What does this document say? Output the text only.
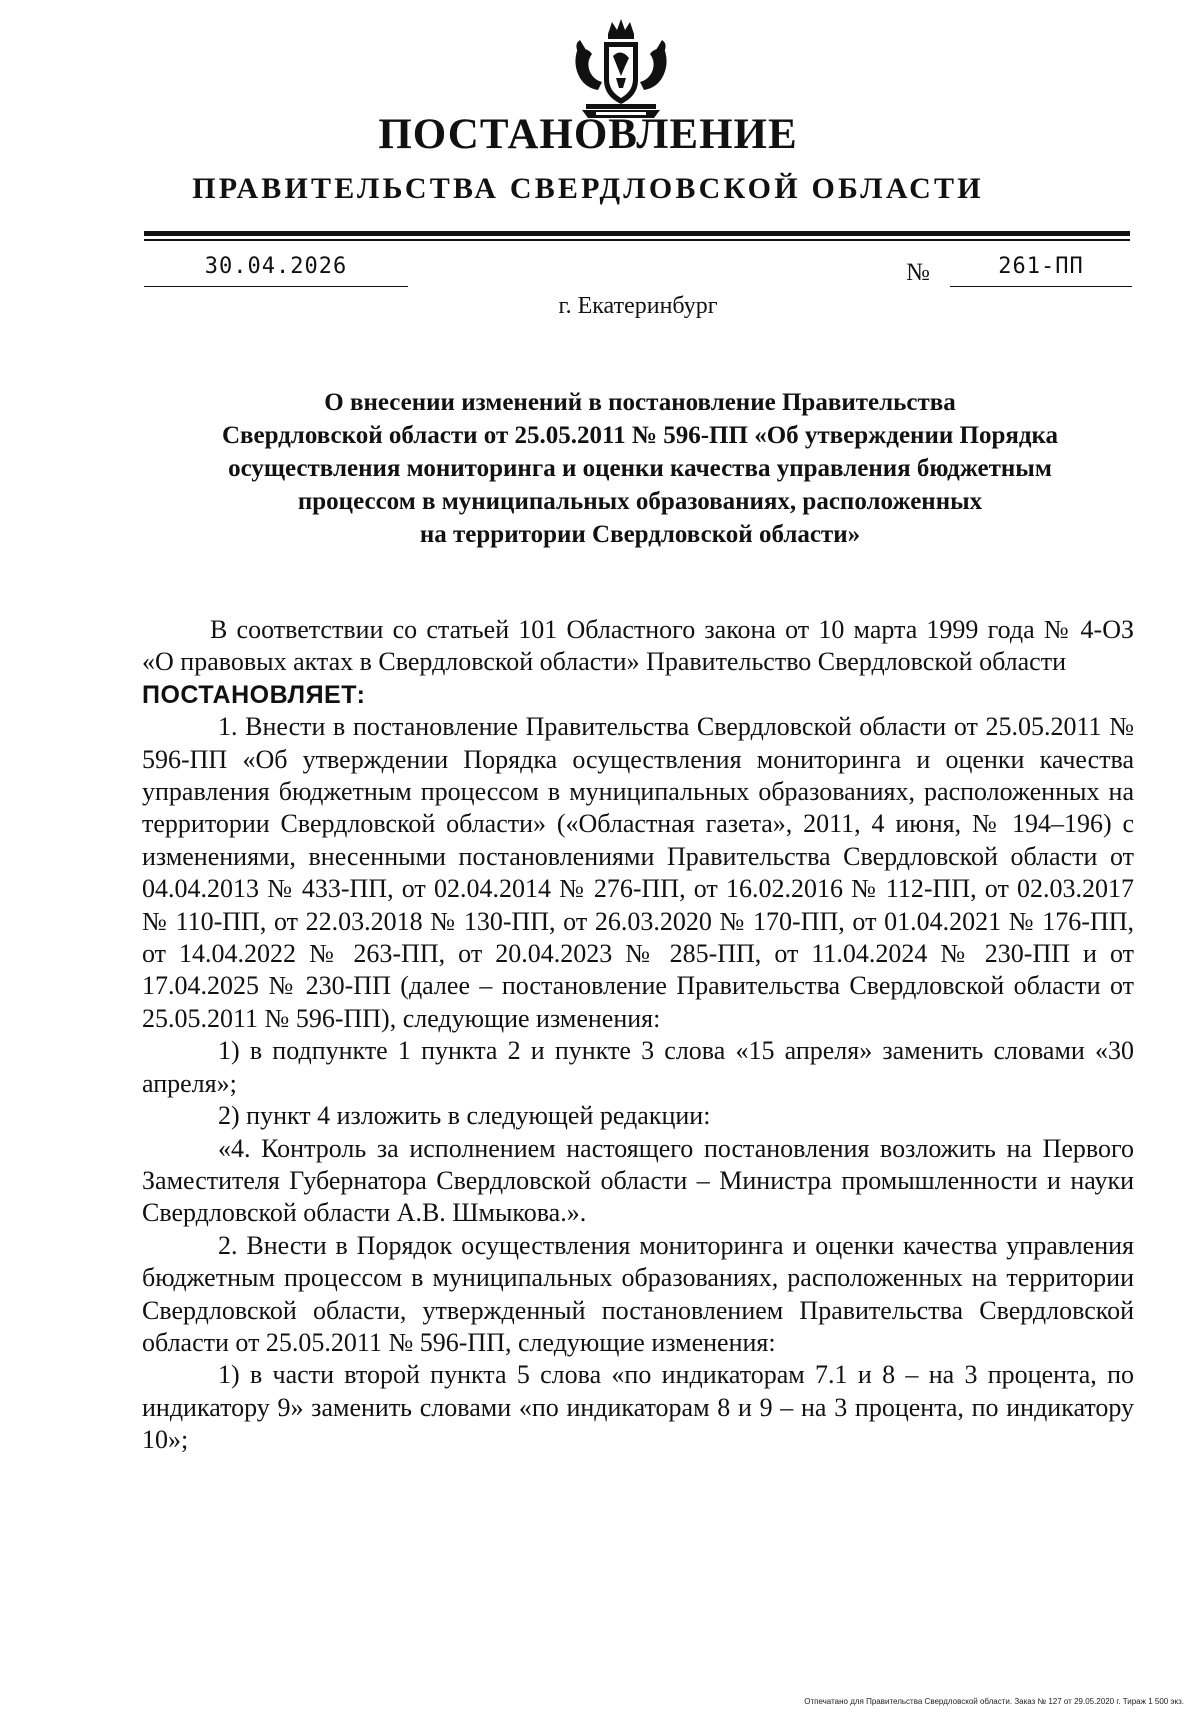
ПОСТАНОВЛЕНИЕ
ПРАВИТЕЛЬСТВА СВЕРДЛОВСКОЙ ОБЛАСТИ
30.04.2026	№	261-ПП
г. Екатеринбург
О внесении изменений в постановление Правительства
Свердловской области от 25.05.2011 № 596-ПП «Об утверждении Порядка
осуществления мониторинга и оценки качества управления бюджетным
процессом в муниципальных образованиях, расположенных
на территории Свердловской области»

В соответствии со статьей 101 Областного закона от 10 марта 1999 года № 4-ОЗ «О правовых актах в Свердловской области» Правительство Свердловской области

ПОСТАНОВЛЯЕТ:

1. Внести в постановление Правительства Свердловской области от 25.05.2011 № 596-ПП «Об утверждении Порядка осуществления мониторинга и оценки качества управления бюджетным процессом в муниципальных образованиях, расположенных на территории Свердловской области» («Областная газета», 2011, 4 июня, № 194–196) с изменениями, внесенными постановлениями Правительства Свердловской области от 04.04.2013 № 433-ПП, от 02.04.2014 № 276-ПП, от 16.02.2016 № 112-ПП, от 02.03.2017 № 110-ПП, от 22.03.2018 № 130-ПП, от 26.03.2020 № 170-ПП, от 01.04.2021 № 176-ПП, от 14.04.2022 № 263-ПП, от 20.04.2023 № 285-ПП, от 11.04.2024 № 230-ПП и от 17.04.2025 № 230-ПП (далее – постановление Правительства Свердловской области от 25.05.2011 № 596-ПП), следующие изменения:

1) в подпункте 1 пункта 2 и пункте 3 слова «15 апреля» заменить словами «30 апреля»;

2) пункт 4 изложить в следующей редакции:

«4. Контроль за исполнением настоящего постановления возложить на Первого Заместителя Губернатора Свердловской области – Министра промышленности и науки Свердловской области А.В. Шмыкова.».

2. Внести в Порядок осуществления мониторинга и оценки качества управления бюджетным процессом в муниципальных образованиях, расположенных на территории Свердловской области, утвержденный постановлением Правительства Свердловской области от 25.05.2011 № 596-ПП, следующие изменения:

1) в части второй пункта 5 слова «по индикаторам 7.1 и 8 – на 3 процента, по индикатору 9» заменить словами «по индикаторам 8 и 9 – на 3 процента, по индикатору 10»;

Отпечатано для Правительства Свердловской области. Заказ № 127 от 29.05.2020 г. Тираж 1 500 экз.
